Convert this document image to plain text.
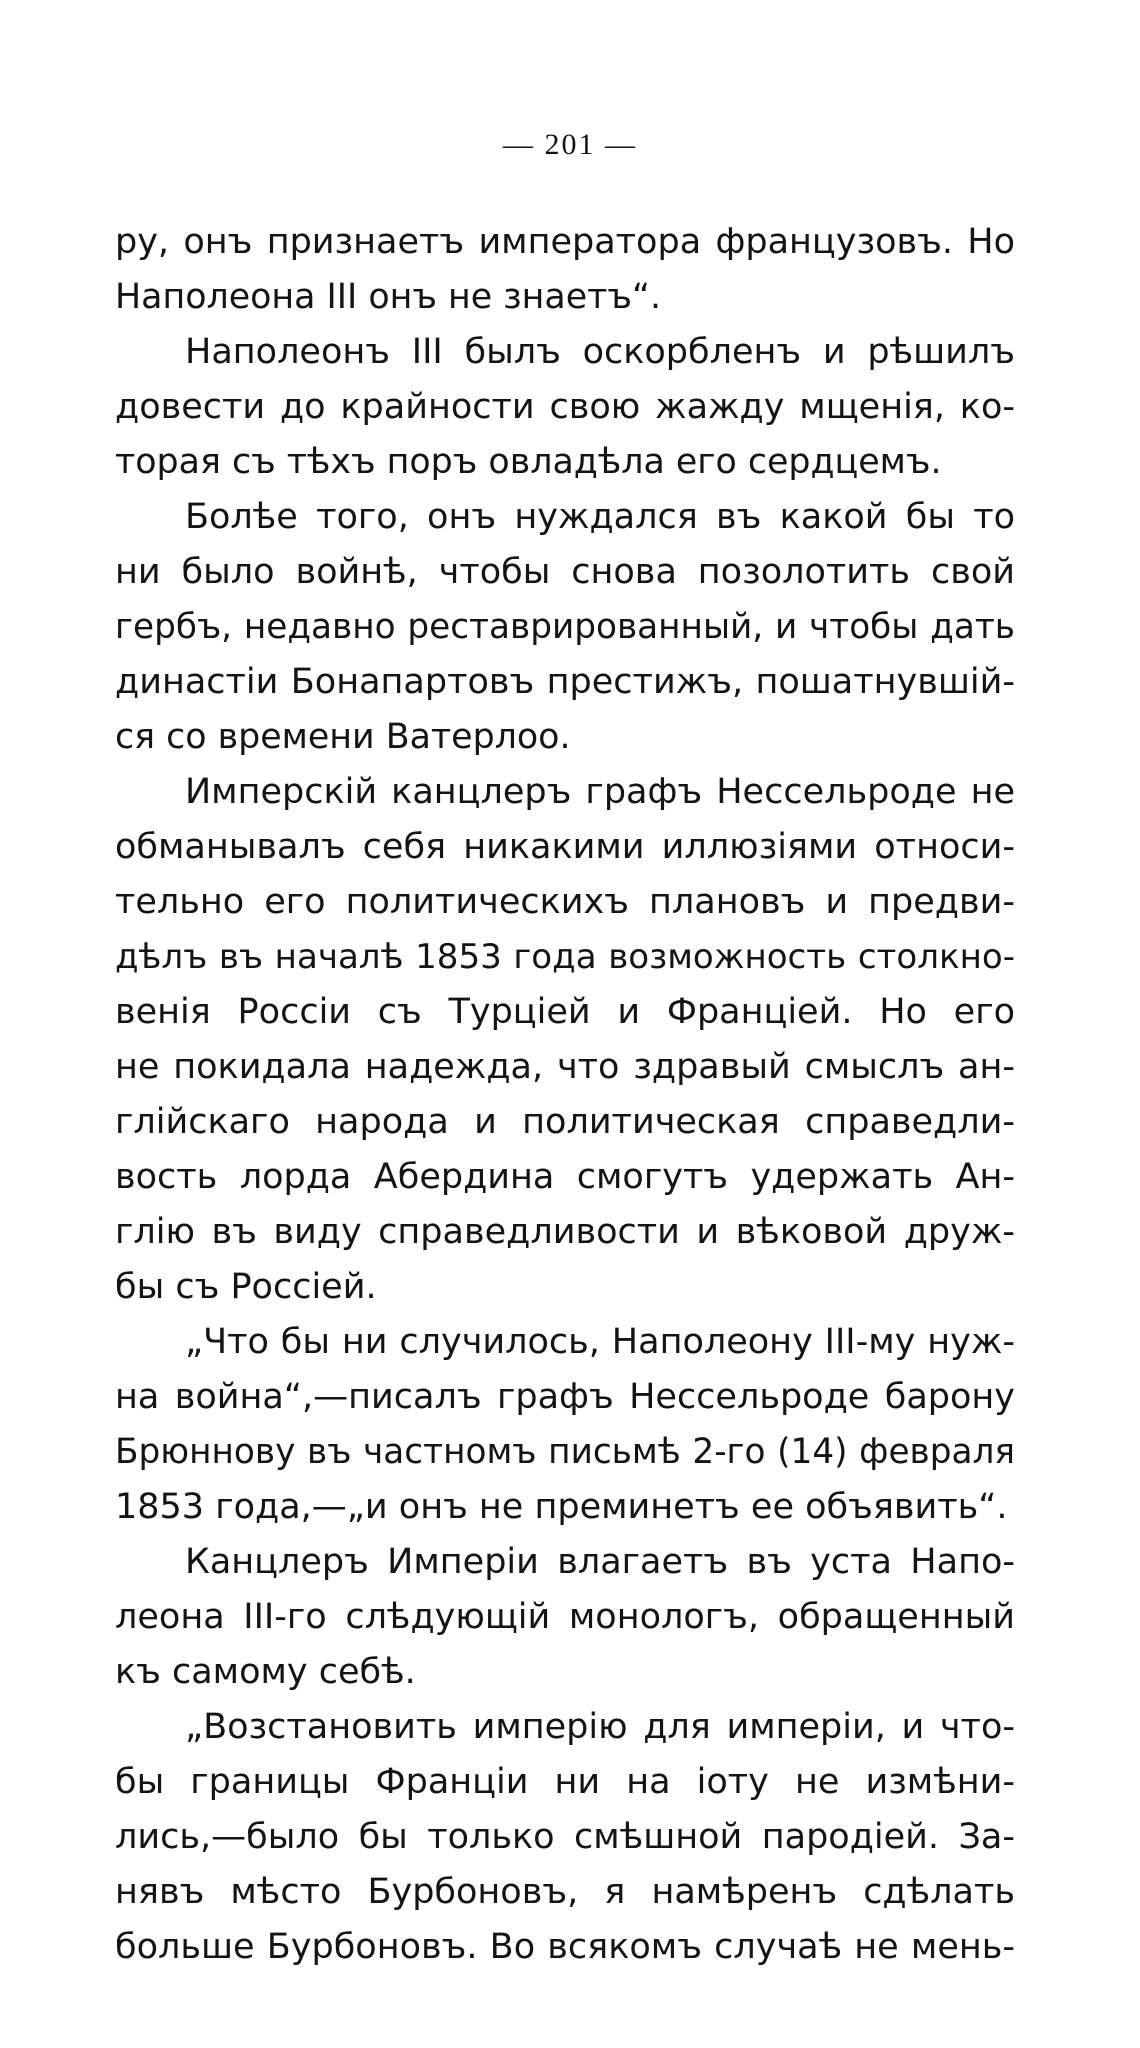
— 201 —
ру, онъ признаетъ императора французовъ. Но
Наполеона III онъ не знаетъ“.
Наполеонъ III былъ оскорбленъ и рѣшилъ
довести до крайности свою жажду мщенія, ко-
торая съ тѣхъ поръ овладѣла его сердцемъ.
Болѣе того, онъ нуждался въ какой бы то
ни было войнѣ, чтобы снова позолотить свой
гербъ, недавно реставрированный, и чтобы дать
династіи Бонапартовъ престижъ, пошатнувшій-
ся со времени Ватерлоо.
Имперскій канцлеръ графъ Нессельроде не
обманывалъ себя никакими иллюзіями относи-
тельно его политическихъ плановъ и предви-
дѣлъ въ началѣ 1853 года возможность столкно-
венія Россіи съ Турціей и Франціей. Но его
не покидала надежда, что здравый смыслъ ан-
глійскаго народа и политическая справедли-
вость лорда Абердина смогутъ удержать Ан-
глію въ виду справедливости и вѣковой друж-
бы съ Россіей.
„Что бы ни случилось, Наполеону III-му нуж-
на война“,—писалъ графъ Нессельроде барону
Брюннову въ частномъ письмѣ 2-го (14) февраля
1853 года,—„и онъ не преминетъ ее объявить“.
Канцлеръ Имперіи влагаетъ въ уста Напо-
леона III-го слѣдующій монологъ, обращенный
къ самому себѣ.
„Возстановить имперію для имперіи, и что-
бы границы Франціи ни на іоту не измѣни-
лись,—было бы только смѣшной пародіей. За-
нявъ мѣсто Бурбоновъ, я намѣренъ сдѣлать
больше Бурбоновъ. Во всякомъ случаѣ не мень-
